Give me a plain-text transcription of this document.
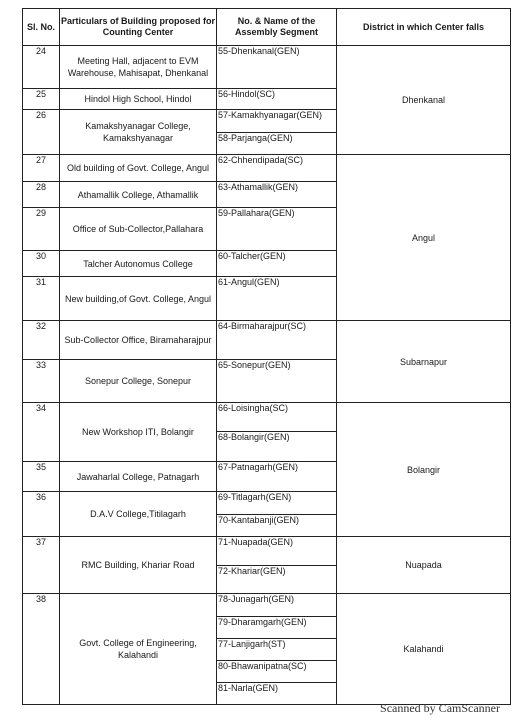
Sl. No.	Particulars of Building proposed for Counting Center	No. & Name of the Assembly Segment	District in which Center falls
24	Meeting Hall, adjacent to EVM Warehouse, Mahisapat, Dhenkanal	55-Dhenkanal(GEN)	Dhenkanal
25	Hindol High School, Hindol	56-Hindol(SC)	

26	Kamakshyanagar College, Kamakshyanagar	57-Kamakhyanagar(GEN)
58-Parjanga(GEN)	

27	Old building of Govt. College, Angul	62-Chhendipada(SC)	Angul
28	Athamallik College, Athamallik	63-Athamallik(GEN)	

29	Office of Sub-Collector,Pallahara	59-Pallahara(GEN)	

30	Talcher Autonomus College	60-Talcher(GEN)	

31	New building,of Govt. College, Angul	61-Angul(GEN)	

32	Sub-Collector Office, Biramaharajpur	64-Birmaharajpur(SC)	Subarnapur
33	Sonepur College, Sonepur	65-Sonepur(GEN)	

34	New Workshop ITI, Bolangir	66-Loisingha(SC)
68-Bolangir(GEN)	Bolangir
35	Jawaharlal College, Patnagarh	67-Patnagarh(GEN)	

36	D.A.V College,Titilagarh	69-Titlagarh(GEN)
70-Kantabanji(GEN)	

37	RMC Building, Khariar Road	71-Nuapada(GEN)
72-Khariar(GEN)	Nuapada
38	Govt. College of Engineering, Kalahandi	78-Junagarh(GEN)
79-Dharamgarh(GEN)
77-Lanjigarh(ST)
80-Bhawanipatna(SC)
81-Narla(GEN)	Kalahandi
Scanned by CamScanner
